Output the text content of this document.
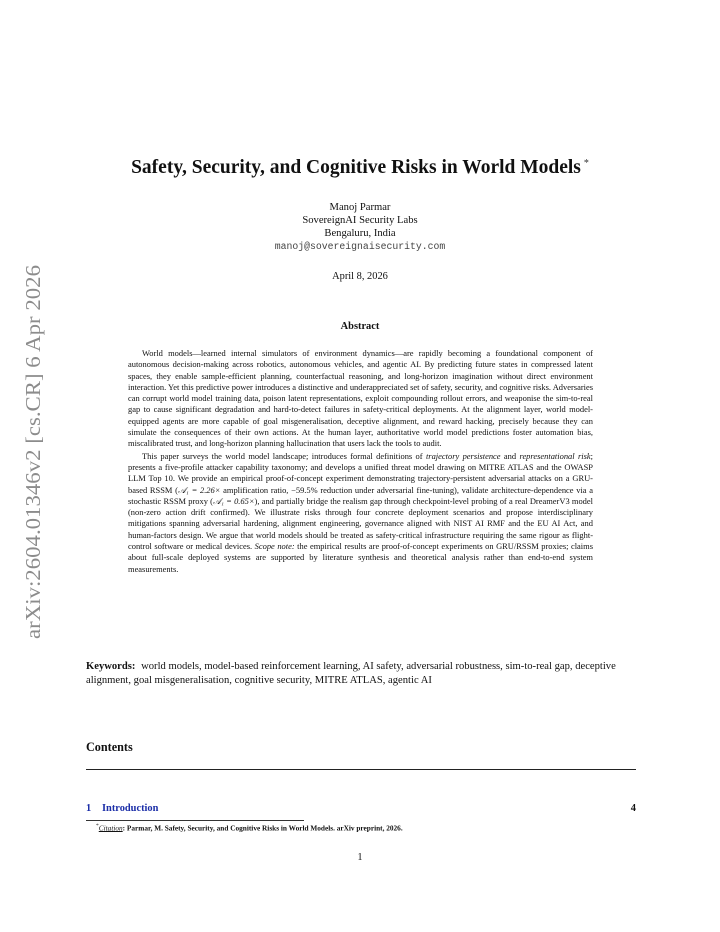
arXiv:2604.01346v2 [cs.CR] 6 Apr 2026
Safety, Security, and Cognitive Risks in World Models *
Manoj Parmar
SovereignAI Security Labs
Bengaluru, India
manoj@sovereignaisecurity.com
April 8, 2026
Abstract

World models—learned internal simulators of environment dynamics—are rapidly becoming a foundational component of autonomous decision-making across robotics, autonomous vehicles, and agentic AI. By predicting future states in compressed latent spaces, they enable sample-efficient planning, counterfactual reasoning, and long-horizon imagination without direct environment interaction. Yet this predictive power introduces a distinctive and underappreciated set of safety, security, and cognitive risks. Adversaries can corrupt world model training data, poison latent representations, exploit compounding rollout errors, and weaponise the sim-to-real gap to cause significant degradation and hard-to-detect failures in safety-critical deployments. At the alignment layer, world model-equipped agents are more capable of goal misgeneralisation, deceptive alignment, and reward hacking, precisely because they can simulate the consequences of their own actions. At the human layer, authoritative world model predictions foster automation bias, miscalibrated trust, and long-horizon planning hallucination that users lack the tools to audit.

This paper surveys the world model landscape; introduces formal definitions of trajectory persistence and representational risk; presents a five-profile attacker capability taxonomy; and develops a unified threat model drawing on MITRE ATLAS and the OWASP LLM Top 10. We provide an empirical proof-of-concept experiment demonstrating trajectory-persistent adversarial attacks on a GRU-based RSSM (𝒜₁ = 2.26× amplification ratio, −59.5% reduction under adversarial fine-tuning), validate architecture-dependence via a stochastic RSSM proxy (𝒜₁ = 0.65×), and partially bridge the realism gap through checkpoint-level probing of a real DreamerV3 model (non-zero action drift confirmed). We illustrate risks through four concrete deployment scenarios and propose interdisciplinary mitigations spanning adversarial hardening, alignment engineering, governance aligned with NIST AI RMF and the EU AI Act, and human-factors design. We argue that world models should be treated as safety-critical infrastructure requiring the same rigour as flight-control software or medical devices. Scope note: the empirical results are proof-of-concept experiments on GRU/RSSM proxies; claims about full-scale deployed systems are supported by literature synthesis and theoretical analysis rather than end-to-end system measurements.

Keywords: world models, model-based reinforcement learning, AI safety, adversarial robustness, sim-to-real gap, deceptive alignment, goal misgeneralisation, cognitive security, MITRE ATLAS, agentic AI
Contents
1	Introduction	4
*Citation: Parmar, M. Safety, Security, and Cognitive Risks in World Models. arXiv preprint, 2026.
1
